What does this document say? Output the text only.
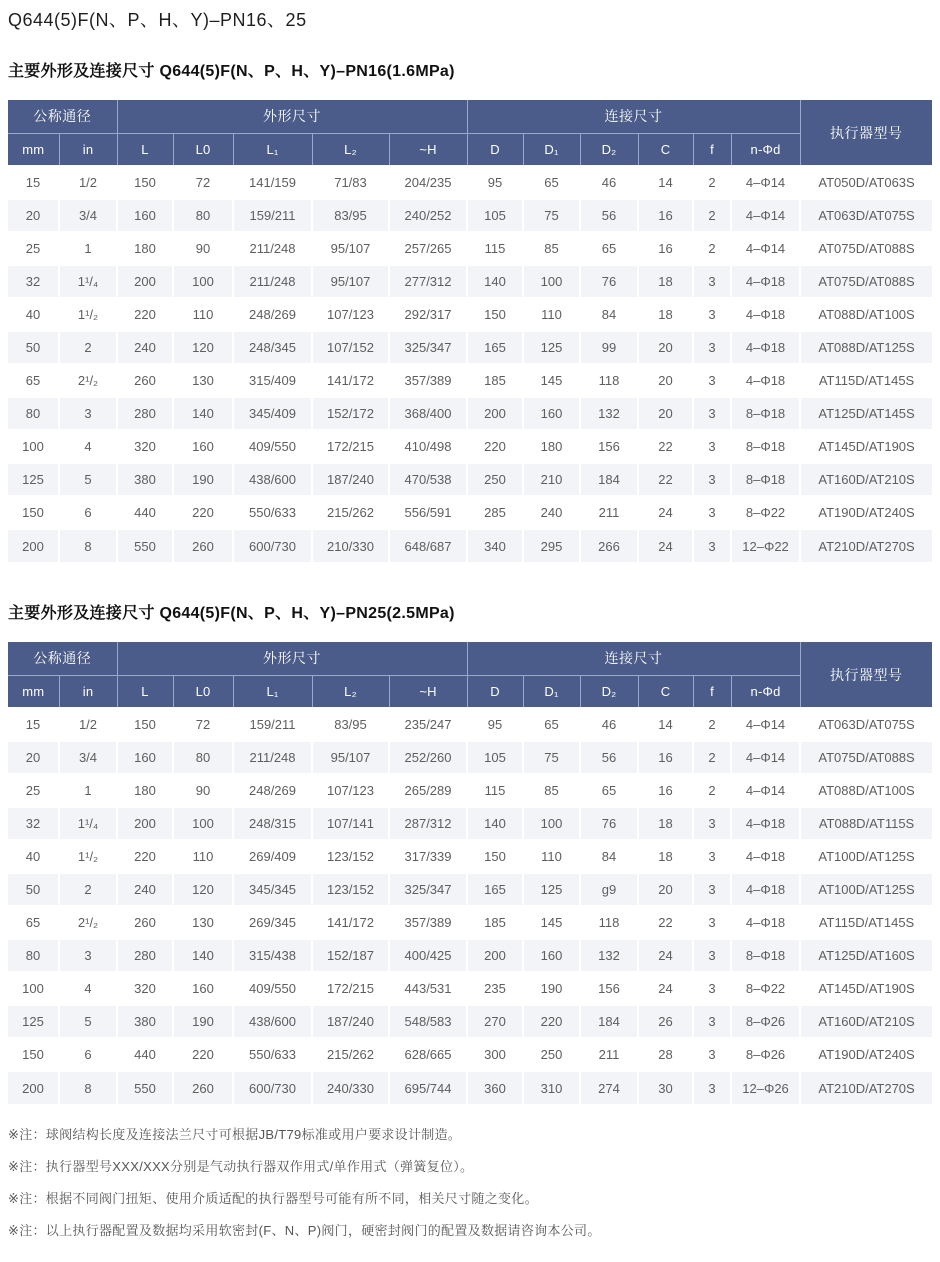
Q644(5)F(N、P、H、Y)–PN16、25
主要外形及连接尺寸 Q644(5)F(N、P、H、Y)–PN16(1.6MPa)
公称通径		外形尺寸					连接尺寸						执行器型号
mm	in	L	L0	L₁	L₂	~H	D	D₁	D₂	C	f	n-Φd	
15	1/2	150	72	141/159	71/83	204/235	95	65	46	14	2	4–Φ14	AT050D/AT063S
20	3/4	160	80	159/211	83/95	240/252	105	75	56	16	2	4–Φ14	AT063D/AT075S
25	1	180	90	211/248	95/107	257/265	115	85	65	16	2	4–Φ14	AT075D/AT088S
32	1¹/₄	200	100	211/248	95/107	277/312	140	100	76	18	3	4–Φ18	AT075D/AT088S
40	1¹/₂	220	110	248/269	107/123	292/317	150	110	84	18	3	4–Φ18	AT088D/AT100S
50	2	240	120	248/345	107/152	325/347	165	125	99	20	3	4–Φ18	AT088D/AT125S
65	2¹/₂	260	130	315/409	141/172	357/389	185	145	118	20	3	4–Φ18	AT115D/AT145S
80	3	280	140	345/409	152/172	368/400	200	160	132	20	3	8–Φ18	AT125D/AT145S
100	4	320	160	409/550	172/215	410/498	220	180	156	22	3	8–Φ18	AT145D/AT190S
125	5	380	190	438/600	187/240	470/538	250	210	184	22	3	8–Φ18	AT160D/AT210S
150	6	440	220	550/633	215/262	556/591	285	240	211	24	3	8–Φ22	AT190D/AT240S
200	8	550	260	600/730	210/330	648/687	340	295	266	24	3	12–Φ22	AT210D/AT270S
主要外形及连接尺寸 Q644(5)F(N、P、H、Y)–PN25(2.5MPa)
公称通径		外形尺寸					连接尺寸						执行器型号
mm	in	L	L0	L₁	L₂	~H	D	D₁	D₂	C	f	n-Φd	
15	1/2	150	72	159/211	83/95	235/247	95	65	46	14	2	4–Φ14	AT063D/AT075S
20	3/4	160	80	211/248	95/107	252/260	105	75	56	16	2	4–Φ14	AT075D/AT088S
25	1	180	90	248/269	107/123	265/289	115	85	65	16	2	4–Φ14	AT088D/AT100S
32	1¹/₄	200	100	248/315	107/141	287/312	140	100	76	18	3	4–Φ18	AT088D/AT115S
40	1¹/₂	220	110	269/409	123/152	317/339	150	110	84	18	3	4–Φ18	AT100D/AT125S
50	2	240	120	345/345	123/152	325/347	165	125	g9	20	3	4–Φ18	AT100D/AT125S
65	2¹/₂	260	130	269/345	141/172	357/389	185	145	118	22	3	4–Φ18	AT115D/AT145S
80	3	280	140	315/438	152/187	400/425	200	160	132	24	3	8–Φ18	AT125D/AT160S
100	4	320	160	409/550	172/215	443/531	235	190	156	24	3	8–Φ22	AT145D/AT190S
125	5	380	190	438/600	187/240	548/583	270	220	184	26	3	8–Φ26	AT160D/AT210S
150	6	440	220	550/633	215/262	628/665	300	250	211	28	3	8–Φ26	AT190D/AT240S
200	8	550	260	600/730	240/330	695/744	360	310	274	30	3	12–Φ26	AT210D/AT270S

※注：球阀结构长度及连接法兰尺寸可根据JB/T79标准或用户要求设计制造。

※注：执行器型号XXX/XXX分别是气动执行器双作用式/单作用式（弹簧复位）。

※注：根据不同阀门扭矩、使用介质适配的执行器型号可能有所不同，相关尺寸随之变化。

※注：以上执行器配置及数据均采用软密封(F、N、P)阀门，硬密封阀门的配置及数据请咨询本公司。
